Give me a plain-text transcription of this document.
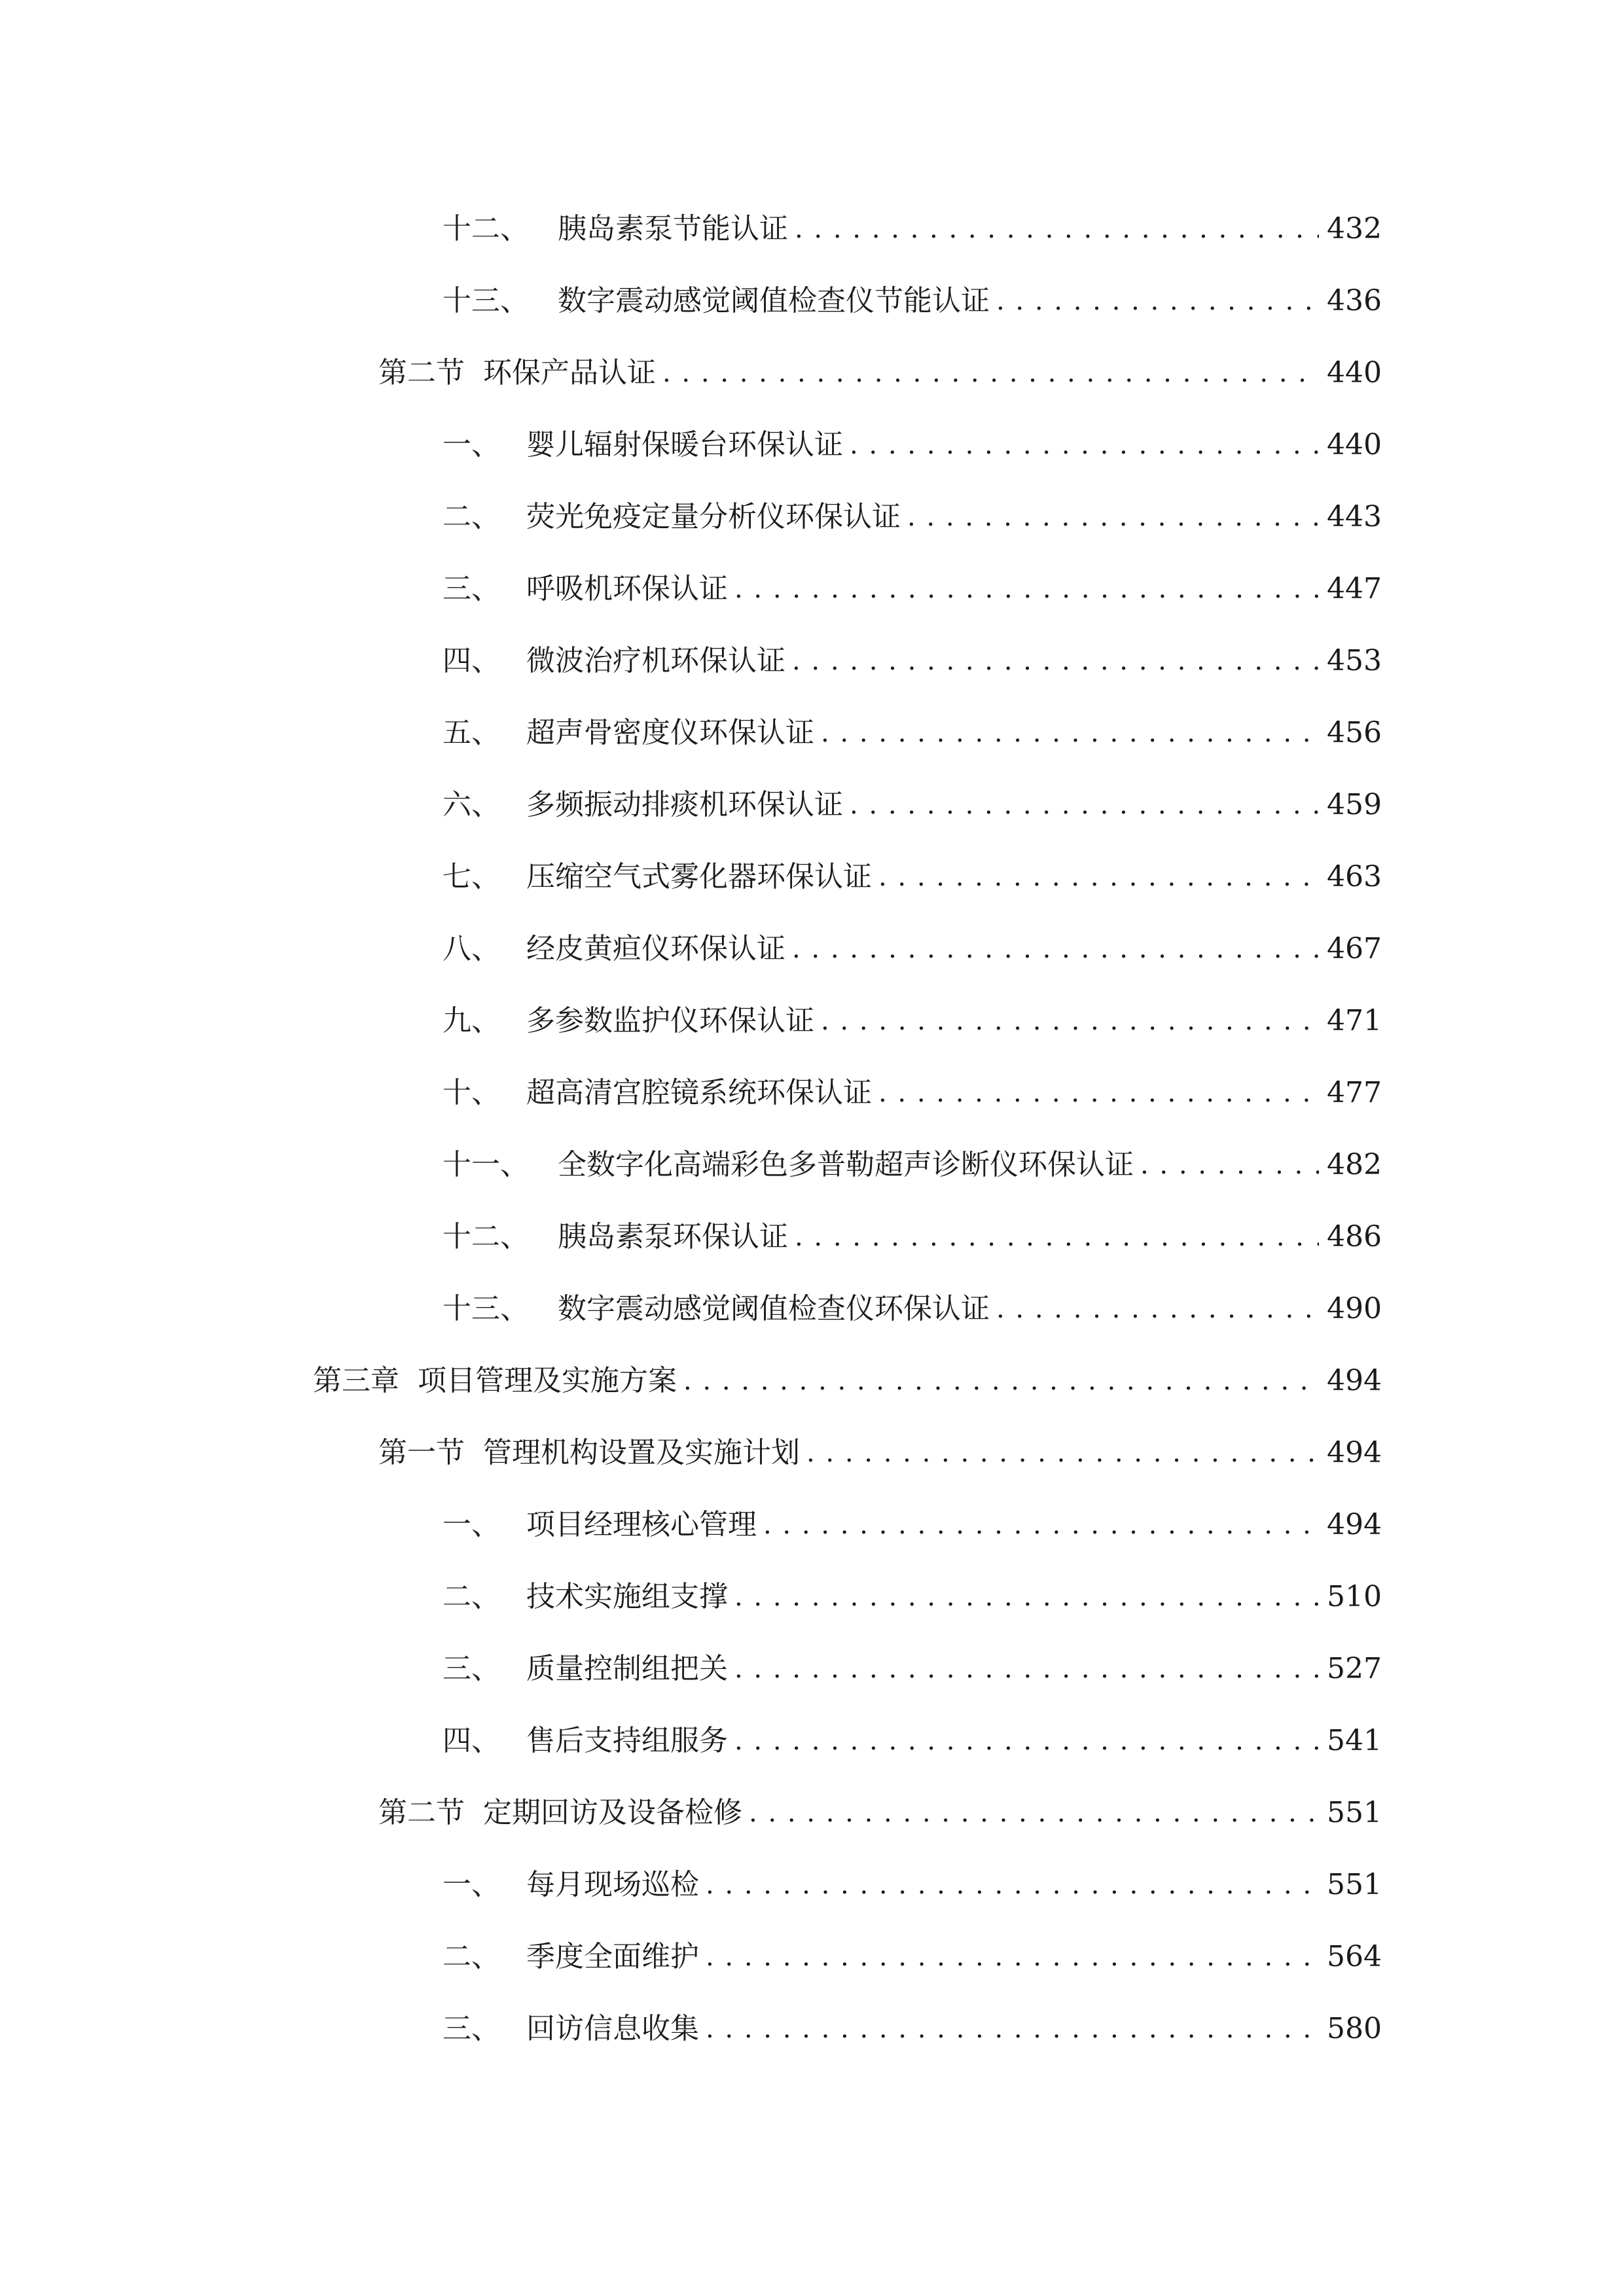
十二、	胰岛素泵节能认证 . . .	432
十三、	数字震动感觉阈值检查仪节能认证 . . .	436
第二节 环保产品认证 . . .	440
一、 婴儿辐射保暖台环保认证 . . .	440
二、 荧光免疫定量分析仪环保认证 . . .	443
三、 呼吸机环保认证 . . .	447
四、 微波治疗机环保认证 . . .	453
五、 超声骨密度仪环保认证 . . .	456
六、 多频振动排痰机环保认证 . . .	459
七、 压缩空气式雾化器环保认证 . . .	463
八、 经皮黄疸仪环保认证 . . .	467
九、 多参数监护仪环保认证 . . .	471
十、 超高清宫腔镜系统环保认证 . . .	477
十一、	全数字化高端彩色多普勒超声诊断仪环保认证 . . .	482
十二、	胰岛素泵环保认证 . . .	486
十三、	数字震动感觉阈值检查仪环保认证 . . .	490
第三章 项目管理及实施方案 . . .	494
第一节 管理机构设置及实施计划 . . .	494
一、 项目经理核心管理 . . .	494
二、 技术实施组支撑 . . .	510
三、 质量控制组把关 . . .	527
四、 售后支持组服务 . . .	541
第二节 定期回访及设备检修 . . .	551
一、 每月现场巡检 . . .	551
二、 季度全面维护 . . .	564
三、 回访信息收集 . . .	580
